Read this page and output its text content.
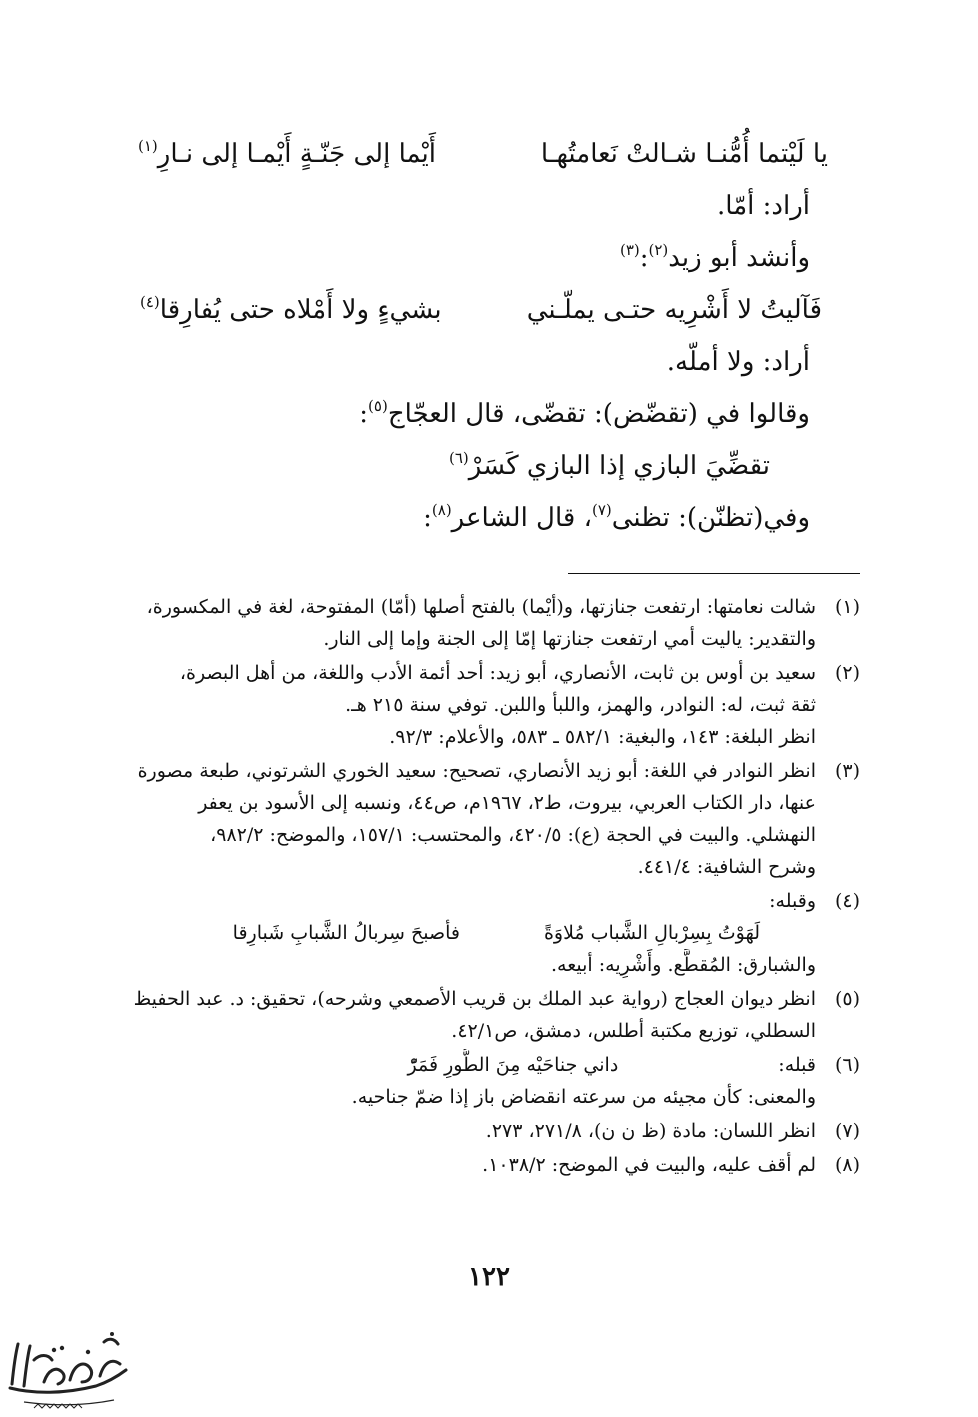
يا لَيْتما أُمُّنـا شـالتْ نَعامتُهـا
أَيْما إلى جَنّـةٍ أَيْمـا إلى نـارِ$^{(١)}$
أراد: أمّا.
وأنشد أبو زيد$^{(٢)}$:$^{(٣)}$
فَآليتُ لا أَشْرِيه حتـى يملّـني
بشيءٍ ولا أَمْلاه حتى يُفارِقا$^{(٤)}$
أراد: ولا أملّه.
وقالوا في (تقضّض): تقضّى، قال العجّاج$^{(٥)}$:
تقضِّيَ البازي إذا البازي كَسَرْ$^{(٦)}$
وفي(تظنّن): تظنى$^{(٧)}$، قال الشاعر$^{(٨)}$:
(١)
شالت نعامتها: ارتفعت جنازتها، و(أيْما) بالفتح أصلها (أمّا) المفتوحة، لغة في المكسورة،
والتقدير: ياليت أمي ارتفعت جنازتها إمّا إلى الجنة وإما إلى النار.
(٢)
سعيد بن أوس بن ثابت، الأنصاري، أبو زيد: أحد أئمة الأدب واللغة، من أهل البصرة،
ثقة ثبت، له: النوادر، والهمز، واللبأ واللبن. توفي سنة ٢١٥ هـ.
انظر البلغة: ١٤٣، والبغية: ٥٨٢/١ ـ ٥٨٣، والأعلام: ٩٢/٣.
(٣)
انظر النوادر في اللغة: أبو زيد الأنصاري، تصحيح: سعيد الخوري الشرتوني، طبعة مصورة
عنها، دار الكتاب العربي، بيروت، ط٢، ١٩٦٧م، ص٤٤، ونسبه إلى الأسود بن يعفر
النهشلي. والبيت في الحجة (ع): ٤٢٠/٥، والمحتسب: ١٥٧/١، والموضح: ٩٨٢/٢،
وشرح الشافية: ٤٤١/٤.
(٤)
وقبله:
لَهَوْتُ بِسِرْبالِ الشَّباب مُلاوَةً
فأصبحَ سِربالُ الشَّبابِ شَبارِقا
والشبارق: المُقطَّع. وأَشْرِيه: أبيعه.
(٥)
انظر ديوان العجاج (رواية عبد الملك بن قريب الأصمعي وشرحه)، تحقيق: د. عبد الحفيظ
السطلي، توزيع مكتبة أطلس، دمشق، ص٤٢/١.
(٦)
قبله:داني جناحَيْه مِنَ الطُّورِ فَمَرّْ
والمعنى: كأن مجيئه من سرعته انقضاض باز إذا ضمّ جناحيه.
(٧)
انظر اللسان: مادة (ظ ن ن)، ٢٧١/٨، ٢٧٣.
(٨)
لم أقف عليه، والبيت في الموضح: ١٠٣٨/٢.
١٢٢
